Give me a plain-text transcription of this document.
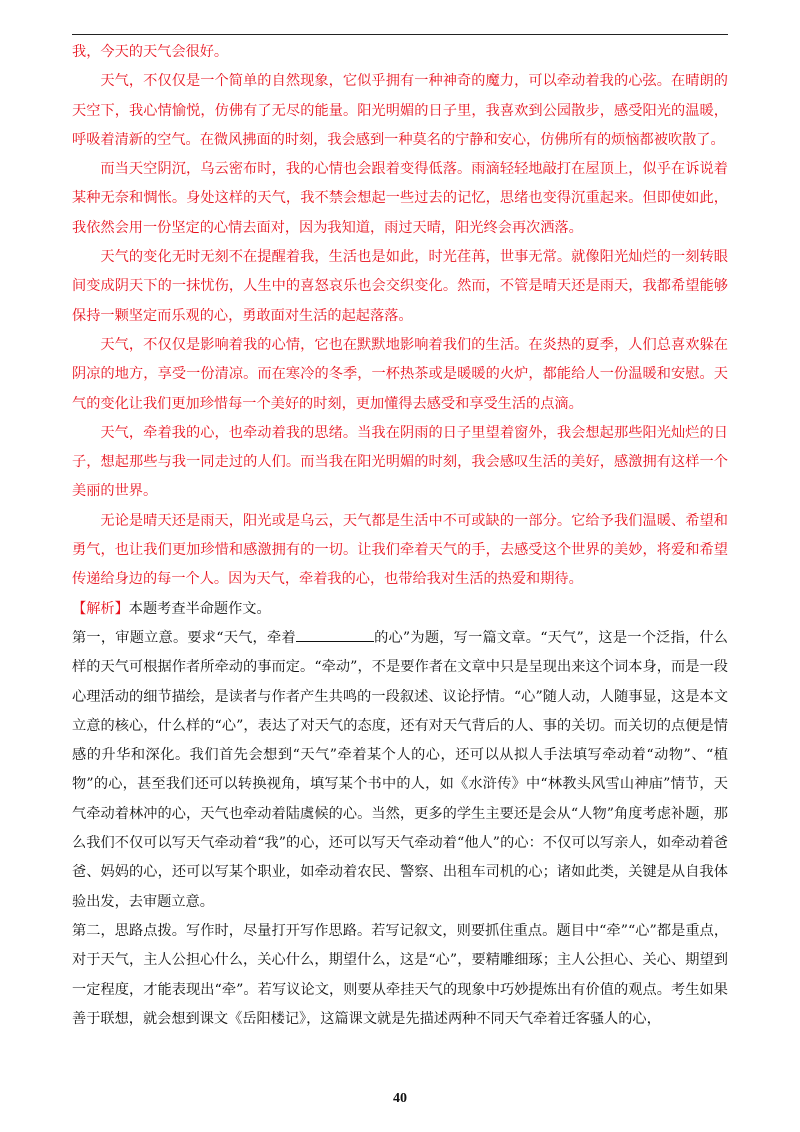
我，今天的天气会很好。

天气，不仅仅是一个简单的自然现象，它似乎拥有一种神奇的魔力，可以牵动着我的心弦。在晴朗的天空下，我心情愉悦，仿佛有了无尽的能量。阳光明媚的日子里，我喜欢到公园散步，感受阳光的温暖，呼吸着清新的空气。在微风拂面的时刻，我会感到一种莫名的宁静和安心，仿佛所有的烦恼都被吹散了。

而当天空阴沉，乌云密布时，我的心情也会跟着变得低落。雨滴轻轻地敲打在屋顶上，似乎在诉说着某种无奈和惆怅。身处这样的天气，我不禁会想起一些过去的记忆，思绪也变得沉重起来。但即使如此，我依然会用一份坚定的心情去面对，因为我知道，雨过天晴，阳光终会再次洒落。

天气的变化无时无刻不在提醒着我，生活也是如此，时光荏苒，世事无常。就像阳光灿烂的一刻转眼间变成阴天下的一抹忧伤，人生中的喜怒哀乐也会交织变化。然而，不管是晴天还是雨天，我都希望能够保持一颗坚定而乐观的心，勇敢面对生活的起起落落。

天气，不仅仅是影响着我的心情，它也在默默地影响着我们的生活。在炎热的夏季，人们总喜欢躲在阴凉的地方，享受一份清凉。而在寒冷的冬季，一杯热茶或是暖暖的火炉，都能给人一份温暖和安慰。天气的变化让我们更加珍惜每一个美好的时刻，更加懂得去感受和享受生活的点滴。

天气，牵着我的心，也牵动着我的思绪。当我在阴雨的日子里望着窗外，我会想起那些阳光灿烂的日子，想起那些与我一同走过的人们。而当我在阳光明媚的时刻，我会感叹生活的美好，感激拥有这样一个美丽的世界。

无论是晴天还是雨天，阳光或是乌云，天气都是生活中不可或缺的一部分。它给予我们温暖、希望和勇气，也让我们更加珍惜和感激拥有的一切。让我们牵着天气的手，去感受这个世界的美妙，将爱和希望传递给身边的每一个人。因为天气，牵着我的心，也带给我对生活的热爱和期待。

【解析】本题考查半命题作文。

第一，审题立意。要求“天气，牵着	的心”为题，写一篇文章。“天气”，这是一个泛指，什么样的天气可根据作者所牵动的事而定。“牵动”，不是要作者在文章中只是呈现出来这个词本身，而是一段心理活动的细节描绘，是读者与作者产生共鸣的一段叙述、议论抒情。“心”随人动，人随事显，这是本文立意的核心，什么样的“心”，表达了对天气的态度，还有对天气背后的人、事的关切。而关切的点便是情感的升华和深化。我们首先会想到“天气”牵着某个人的心，还可以从拟人手法填写牵动着“动物”、“植物”的心，甚至我们还可以转换视角，填写某个书中的人，如《水浒传》中“林教头风雪山神庙”情节，天气牵动着林冲的心，天气也牵动着陆虞候的心。当然，更多的学生主要还是会从“人物”角度考虑补题，那么我们不仅可以写天气牵动着“我”的心，还可以写天气牵动着“他人”的心：不仅可以写亲人，如牵动着爸爸、妈妈的心，还可以写某个职业，如牵动着农民、警察、出租车司机的心；诸如此类，关键是从自我体验出发，去审题立意。

第二，思路点拨。写作时，尽量打开写作思路。若写记叙文，则要抓住重点。题目中“牵”“心”都是重点，对于天气，主人公担心什么，关心什么，期望什么，这是“心”，要精雕细琢；主人公担心、关心、期望到一定程度，才能表现出“牵”。若写议论文，则要从牵挂天气的现象中巧妙提炼出有价值的观点。考生如果善于联想，就会想到课文《岳阳楼记》，这篇课文就是先描述两种不同天气牵着迁客骚人的心，

40
